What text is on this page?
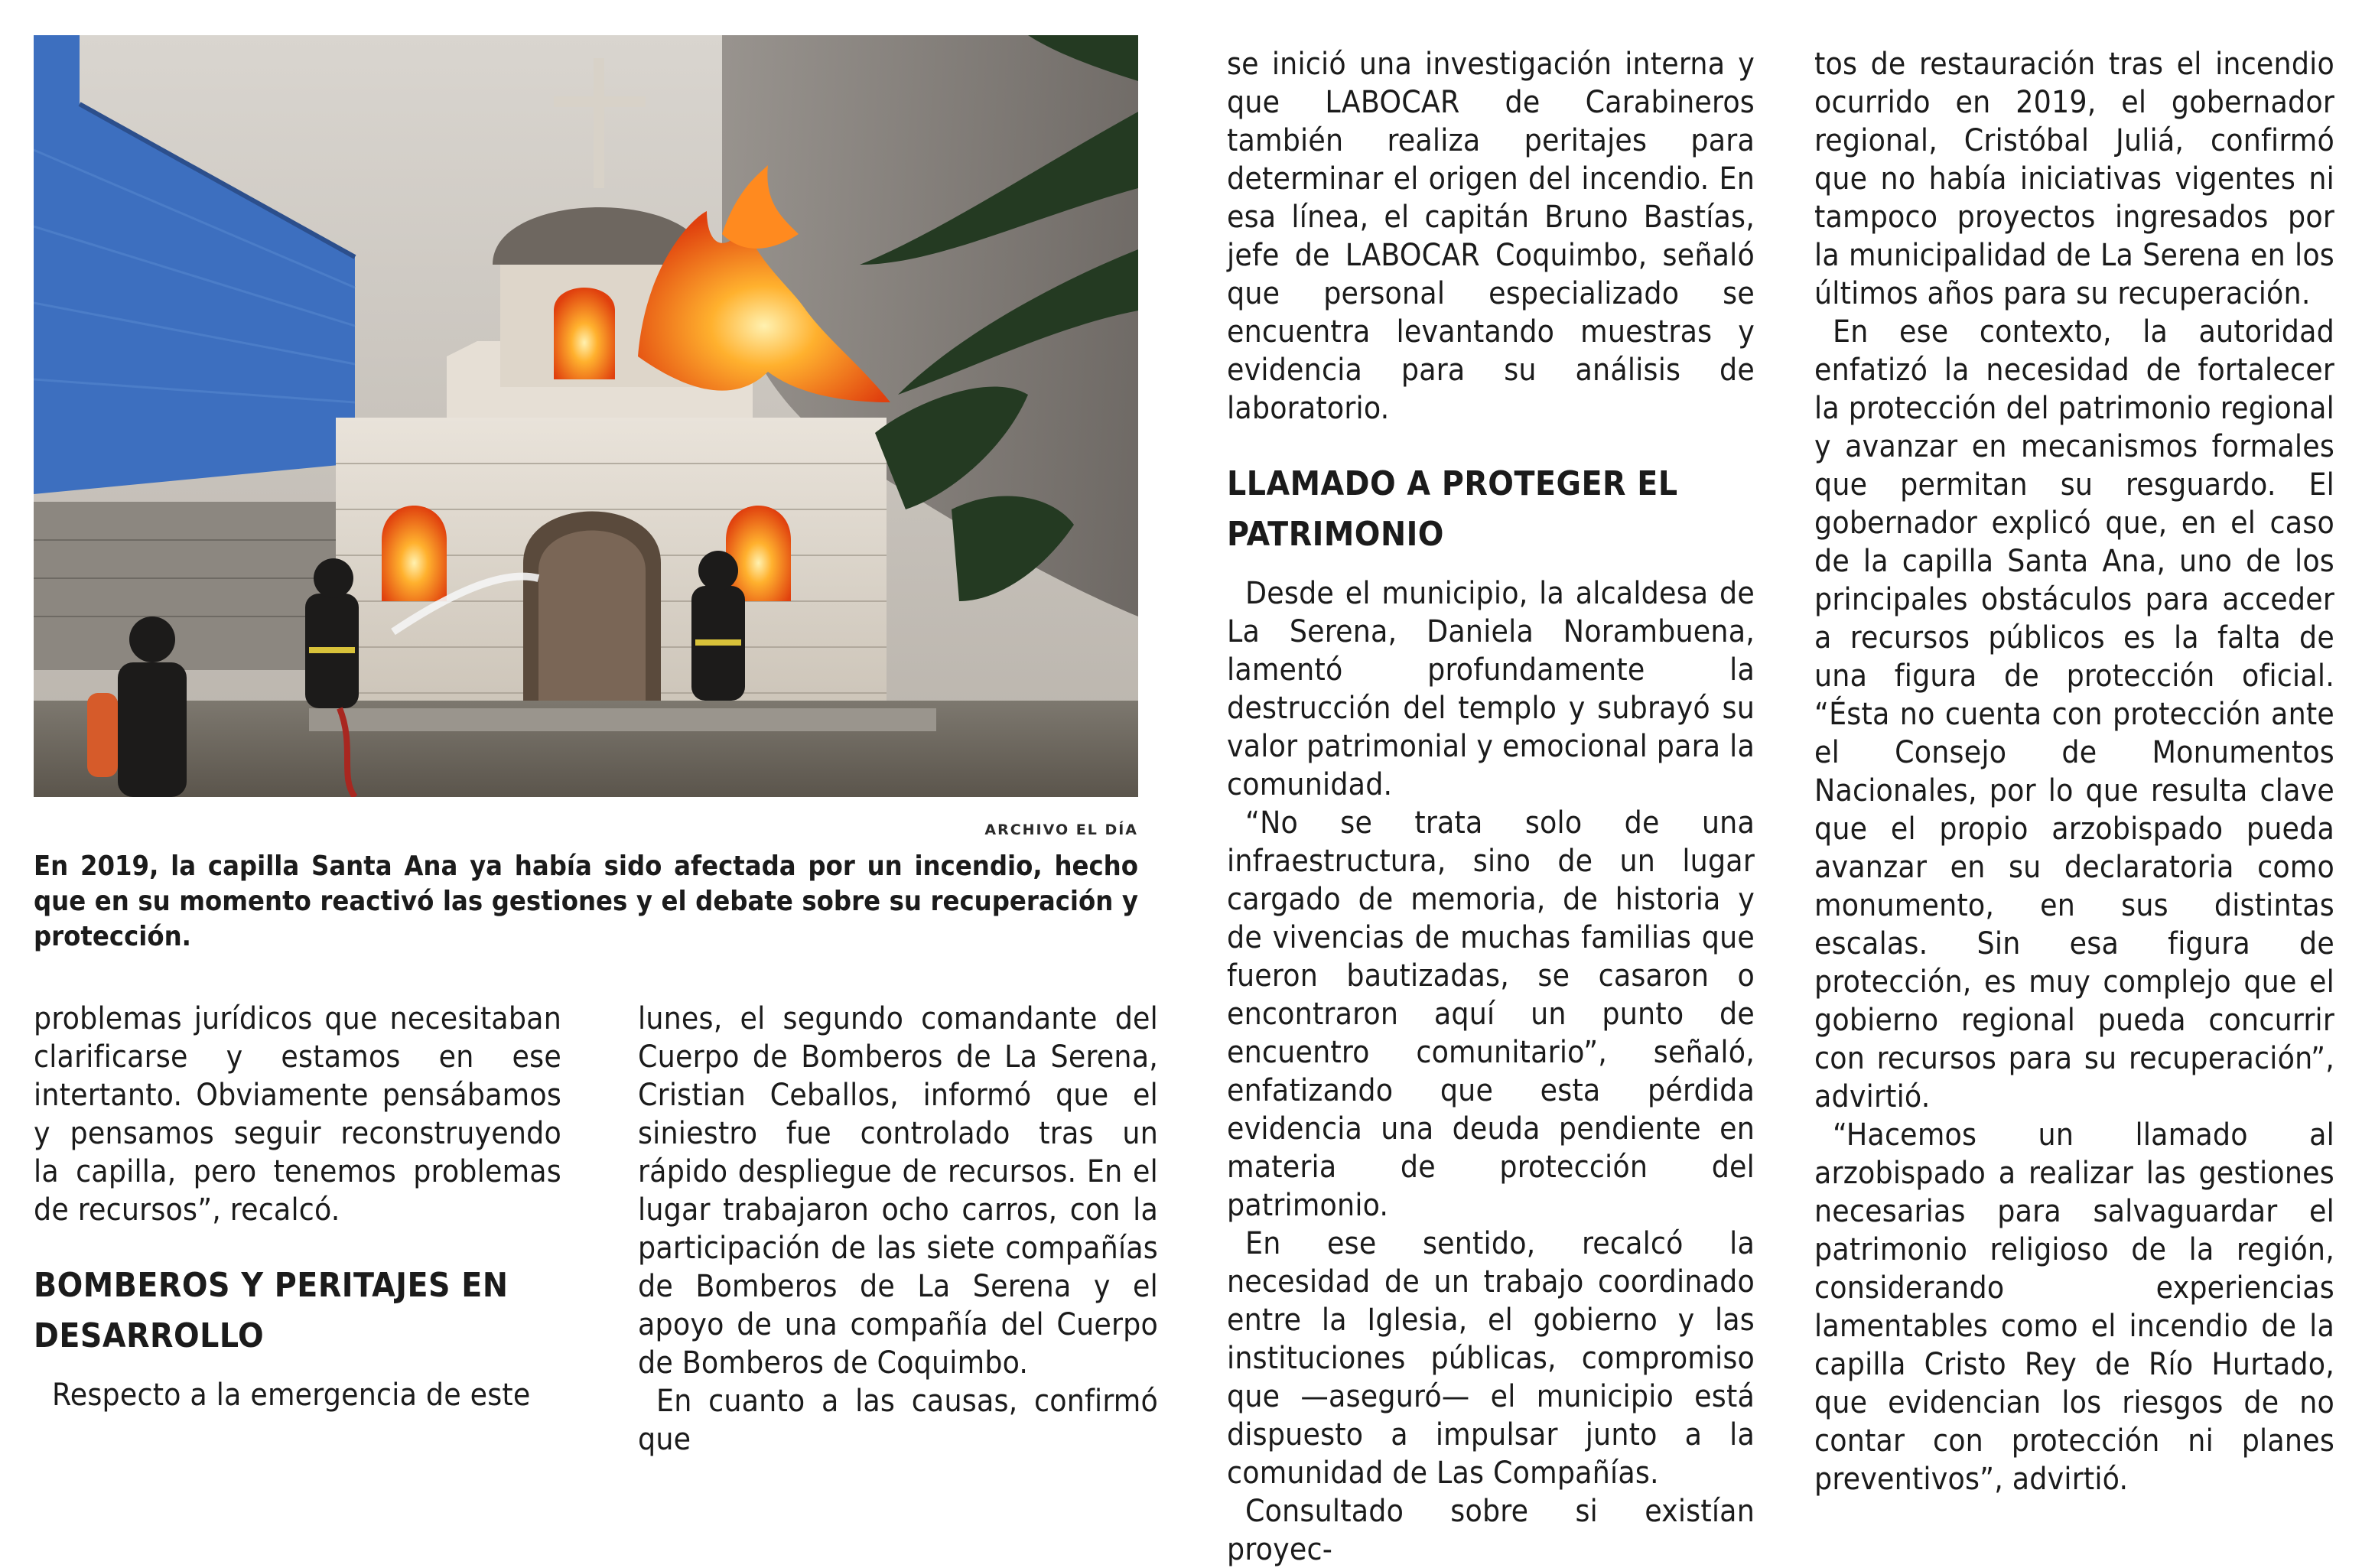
ARCHIVO EL DÍA
En 2019, la capilla Santa Ana ya había sido afectada por un incendio, hecho que en su momento reactivó las gestiones y el debate sobre su recuperación y protección.

problemas jurídicos que necesitaban clarificarse y estamos en ese intertanto. Obviamente pensábamos y pensamos seguir reconstruyendo la capilla, pero tenemos problemas de recursos”, recalcó.

BOMBEROS Y PERITAJES EN DESARROLLO

Respecto a la emergencia de este

lunes, el segundo comandante del Cuerpo de Bomberos de La Serena, Cristian Ceballos, informó que el siniestro fue controlado tras un rápido despliegue de recursos. En el lugar trabajaron ocho carros, con la participación de las siete compañías de Bomberos de La Serena y el apoyo de una compañía del Cuerpo de Bomberos de Coquimbo.

En cuanto a las causas, confirmó que

se inició una investigación interna y que LABOCAR de Carabineros también realiza peritajes para determinar el origen del incendio. En esa línea, el capitán Bruno Bastías, jefe de LABOCAR Coquimbo, señaló que personal especializado se encuentra levantando muestras y evidencia para su análisis de laboratorio.

LLAMADO A PROTEGER EL PATRIMONIO

Desde el municipio, la alcaldesa de La Serena, Daniela Norambuena, lamentó profundamente la destrucción del templo y subrayó su valor patrimonial y emocional para la comunidad.

“No se trata solo de una infraestructura, sino de un lugar cargado de memoria, de historia y de vivencias de muchas familias que fueron bautizadas, se casaron o encontraron aquí un punto de encuentro comunitario”, señaló, enfatizando que esta pérdida evidencia una deuda pendiente en materia de protección del patrimonio.

En ese sentido, recalcó la necesidad de un trabajo coordinado entre la Iglesia, el gobierno y las instituciones públicas, compromiso que —aseguró— el municipio está dispuesto a impulsar junto a la comunidad de Las Compañías.

Consultado sobre si existían proyec-

tos de restauración tras el incendio ocurrido en 2019, el gobernador regional, Cristóbal Juliá, confirmó que no había iniciativas vigentes ni tampoco proyectos ingresados por la municipalidad de La Serena en los últimos años para su recuperación.

En ese contexto, la autoridad enfatizó la necesidad de fortalecer la protección del patrimonio regional y avanzar en mecanismos formales que permitan su resguardo. El gobernador explicó que, en el caso de la capilla Santa Ana, uno de los principales obstáculos para acceder a recursos públicos es la falta de una figura de protección oficial. “Ésta no cuenta con protección ante el Consejo de Monumentos Nacionales, por lo que resulta clave que el propio arzobispado pueda avanzar en su declaratoria como monumento, en sus distintas escalas. Sin esa figura de protección, es muy complejo que el gobierno regional pueda concurrir con recursos para su recuperación”, advirtió.

“Hacemos un llamado al arzobispado a realizar las gestiones necesarias para salvaguardar el patrimonio religioso de la región, considerando experiencias lamentables como el incendio de la capilla Cristo Rey de Río Hurtado, que evidencian los riesgos de no contar con protección ni planes preventivos”, advirtió.
